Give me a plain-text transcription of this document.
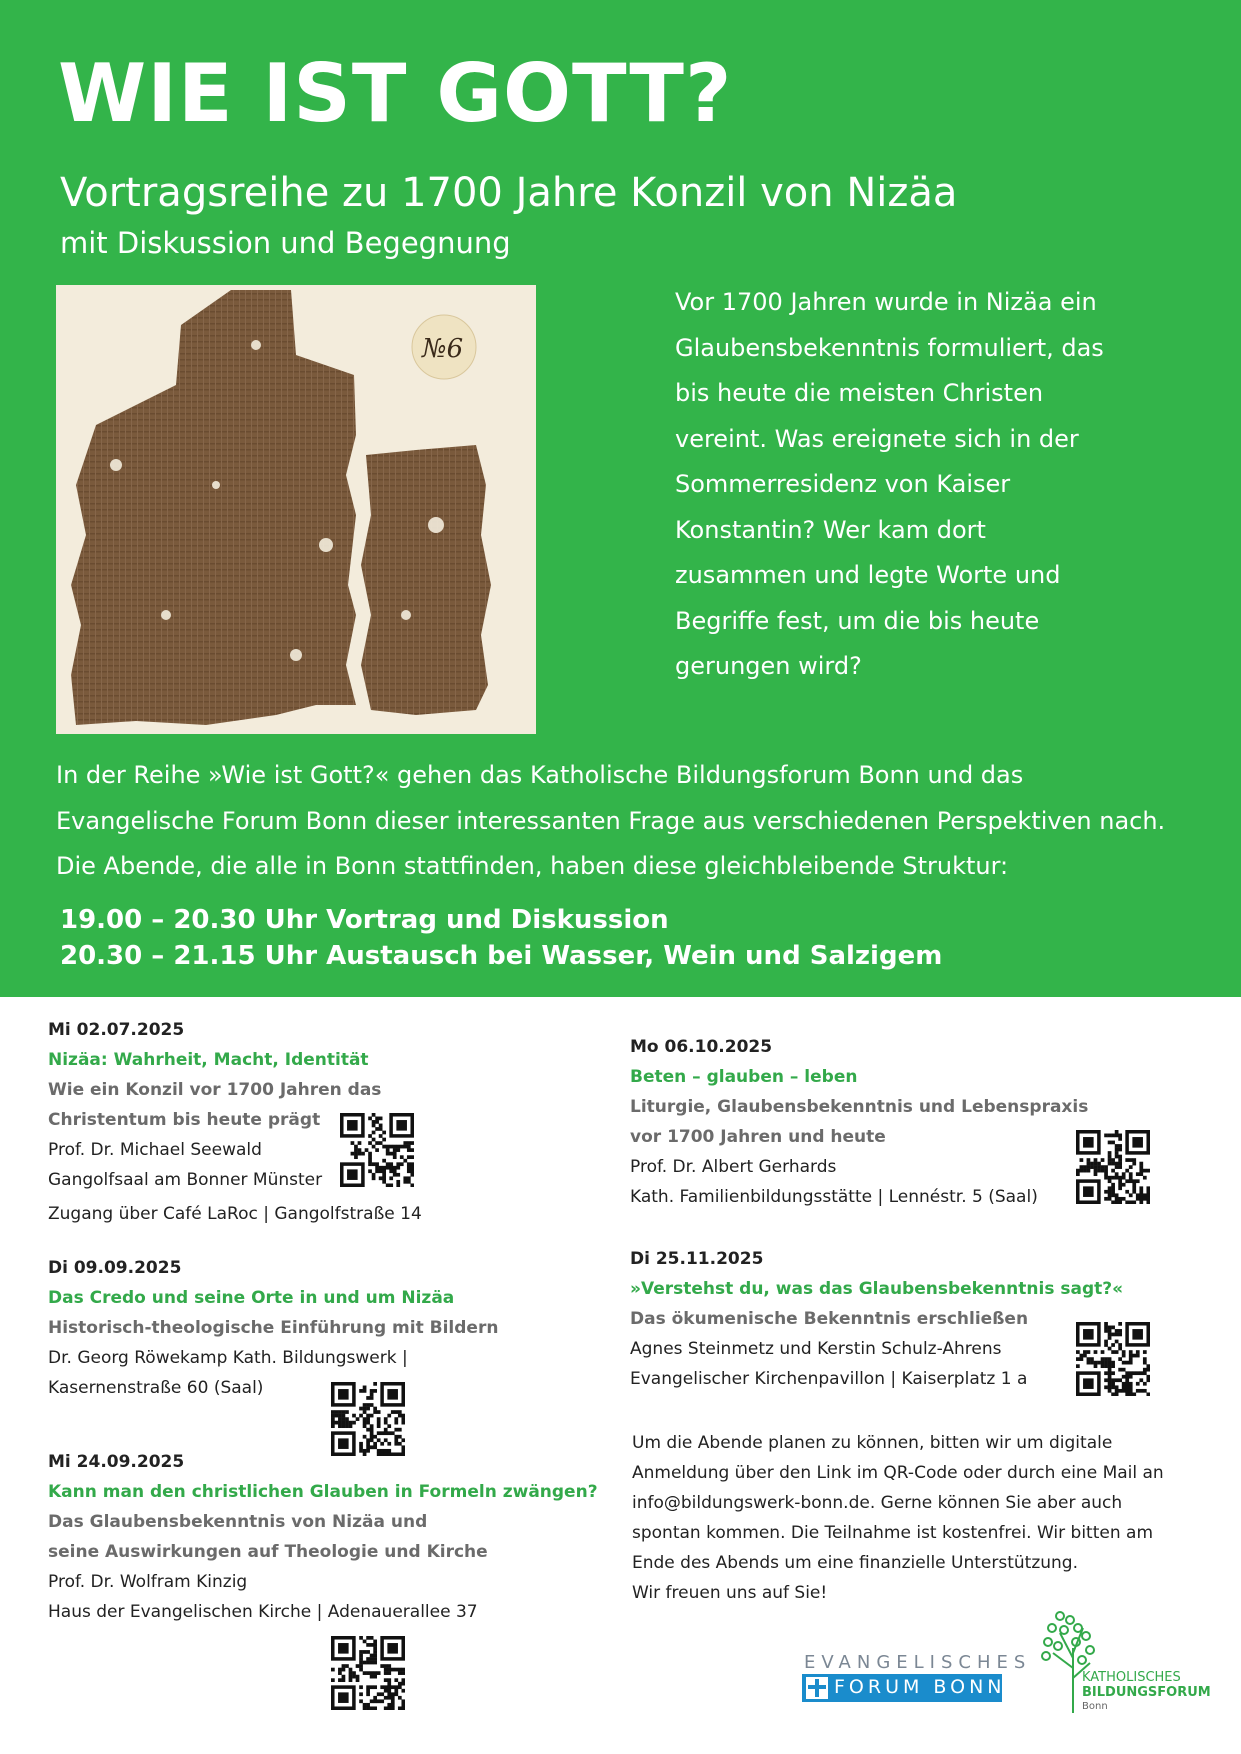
WIE IST GOTT?
Vortragsreihe zu 1700 Jahre Konzil von Nizäa
mit Diskussion und Begegnung
№6
Vor 1700 Jahren wurde in Nizäa ein
Glaubensbekenntnis formuliert, das
bis heute die meisten Christen
vereint. Was ereignete sich in der
Sommerresidenz von Kaiser
Konstantin? Wer kam dort
zusammen und legte Worte und
Begriffe fest, um die bis heute
gerungen wird?
In der Reihe »Wie ist Gott?« gehen das Katholische Bildungsforum Bonn und das
Evangelische Forum Bonn dieser interessanten Frage aus verschiedenen Perspektiven nach.
Die Abende, die alle in Bonn stattfinden, haben diese gleichbleibende Struktur:
19.00 – 20.30 Uhr Vortrag und Diskussion
20.30 – 21.15 Uhr Austausch bei Wasser, Wein und Salzigem
Mi 02.07.2025
Nizäa: Wahrheit, Macht, Identität
Wie ein Konzil vor 1700 Jahren das
Christentum bis heute prägt
Prof. Dr. Michael Seewald
Gangolfsaal am Bonner Münster
Zugang über Café LaRoc | Gangolfstraße 14
Di 09.09.2025
Das Credo und seine Orte in und um Nizäa
Historisch-theologische Einführung mit Bildern
Dr. Georg Röwekamp Kath. Bildungswerk |
Kasernenstraße 60 (Saal)
Mi 24.09.2025
Kann man den christlichen Glauben in Formeln zwängen?
Das Glaubensbekenntnis von Nizäa und
seine Auswirkungen auf Theologie und Kirche
Prof. Dr. Wolfram Kinzig
Haus der Evangelischen Kirche | Adenauerallee 37
Mo 06.10.2025
Beten – glauben – leben
Liturgie, Glaubensbekenntnis und Lebenspraxis
vor 1700 Jahren und heute
Prof. Dr. Albert Gerhards
Kath. Familienbildungsstätte | Lennéstr. 5 (Saal)
Di 25.11.2025
»Verstehst du, was das Glaubensbekenntnis sagt?«
Das ökumenische Bekenntnis erschließen
Agnes Steinmetz und Kerstin Schulz-Ahrens
Evangelischer Kirchenpavillon | Kaiserplatz 1 a
Um die Abende planen zu können, bitten wir um digitale
Anmeldung über den Link im QR-Code oder durch eine Mail an
info@bildungswerk-bonn.de. Gerne können Sie aber auch
spontan kommen. Die Teilnahme ist kostenfrei. Wir bitten am
Ende des Abends um eine finanzielle Unterstützung.
Wir freuen uns auf Sie!
EVANGELISCHES
FORUM BONN	KATHOLISCHES
BILDUNGSFORUM
Bonn
